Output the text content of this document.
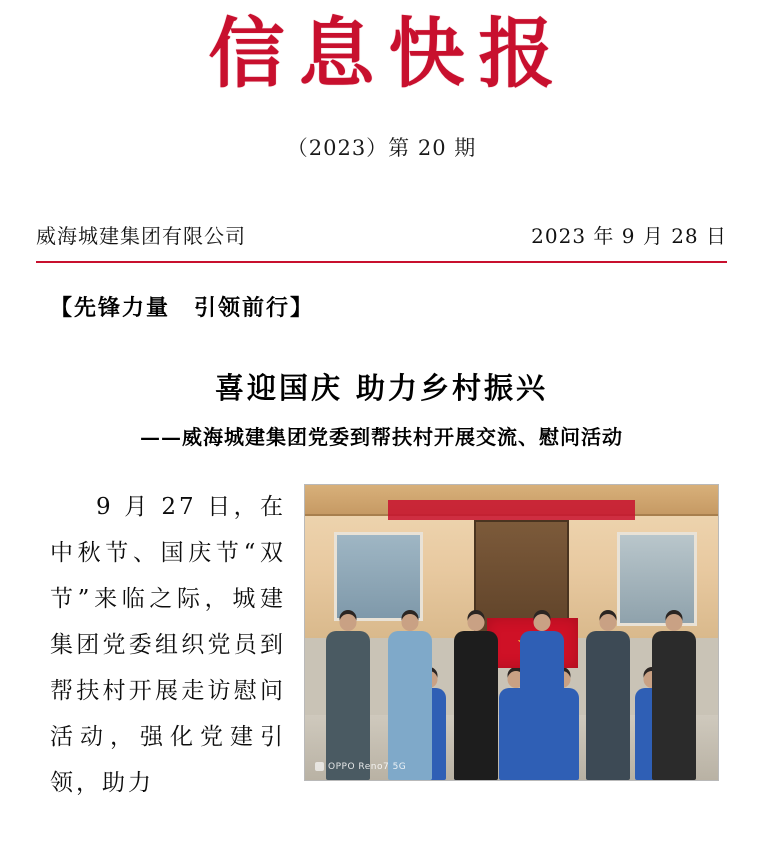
信息快报
（2023）第 20 期
威海城建集团有限公司	2023 年 9 月 28 日
【先锋力量　引领前行】
喜迎国庆 助力乡村振兴
——威海城建集团党委到帮扶村开展交流、慰问活动
9 月 27 日，在中秋节、国庆节“双节”来临之际，城建集团党委组织党员到帮扶村开展走访慰问活动，强化党建引领，助力
OPPO Reno7 5G
